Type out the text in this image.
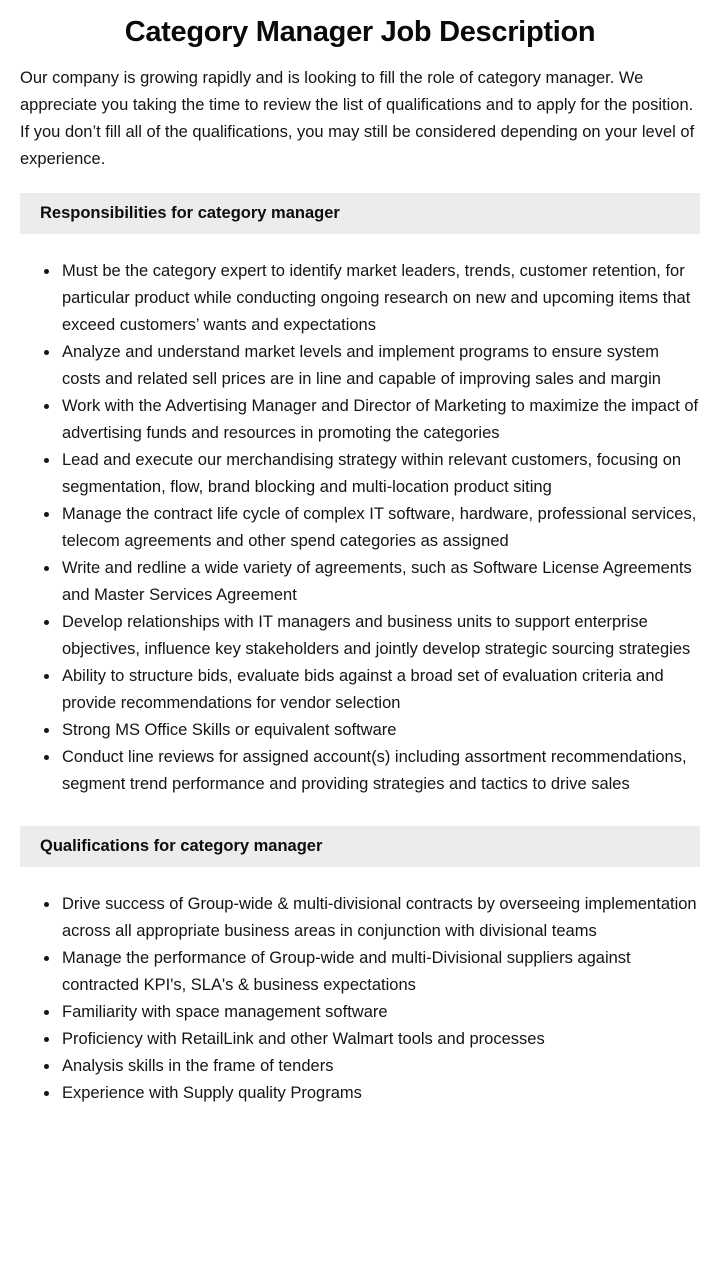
Category Manager Job Description

Our company is growing rapidly and is looking to fill the role of category manager. We appreciate you taking the time to review the list of qualifications and to apply for the position. If you don’t fill all of the qualifications, you may still be considered depending on your level of experience.

Responsibilities for category manager
• Must be the category expert to identify market leaders, trends, customer retention, for particular product while conducting ongoing research on new and upcoming items that exceed customers’ wants and expectations
• Analyze and understand market levels and implement programs to ensure system costs and related sell prices are in line and capable of improving sales and margin
• Work with the Advertising Manager and Director of Marketing to maximize the impact of advertising funds and resources in promoting the categories
• Lead and execute our merchandising strategy within relevant customers, focusing on segmentation, flow, brand blocking and multi-location product siting
• Manage the contract life cycle of complex IT software, hardware, professional services, telecom agreements and other spend categories as assigned
• Write and redline a wide variety of agreements, such as Software License Agreements and Master Services Agreement
• Develop relationships with IT managers and business units to support enterprise objectives, influence key stakeholders and jointly develop strategic sourcing strategies
• Ability to structure bids, evaluate bids against a broad set of evaluation criteria and provide recommendations for vendor selection
• Strong MS Office Skills or equivalent software
• Conduct line reviews for assigned account(s) including assortment recommendations, segment trend performance and providing strategies and tactics to drive sales
Qualifications for category manager
• Drive success of Group-wide & multi-divisional contracts by overseeing implementation across all appropriate business areas in conjunction with divisional teams
• Manage the performance of Group-wide and multi-Divisional suppliers against contracted KPI's, SLA's & business expectations
• Familiarity with space management software
• Proficiency with RetailLink and other Walmart tools and processes
• Analysis skills in the frame of tenders
• Experience with Supply quality Programs
